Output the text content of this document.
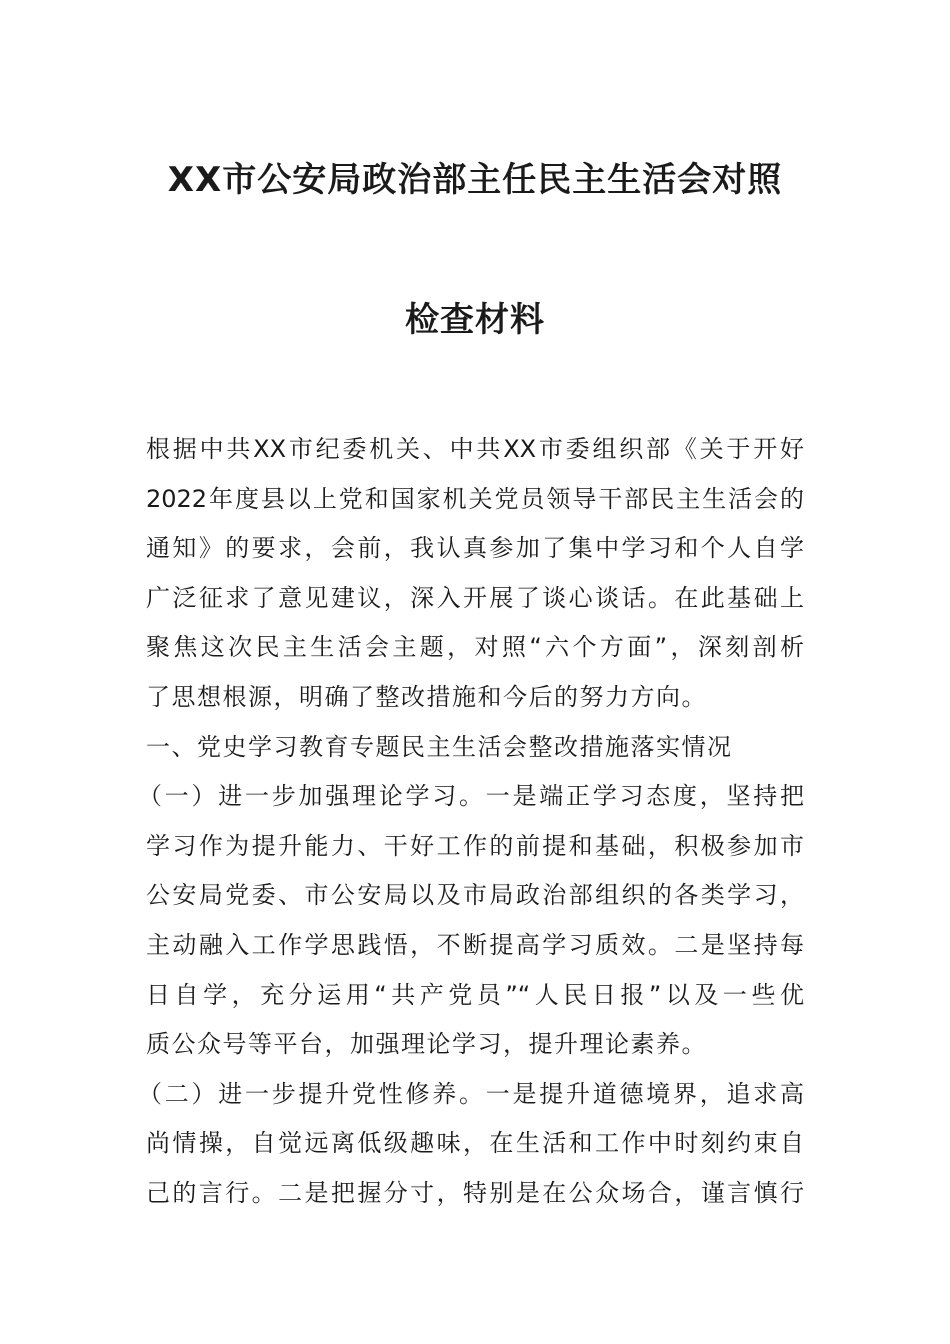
XX市公安局政治部主任民主生活会对照
检查材料
根据中共XX市纪委机关、中共XX市委组织部《关于开好
2022年度县以上党和国家机关党员领导干部民主生活会的
通知》的要求，会前，我认真参加了集中学习和个人自学
广泛征求了意见建议，深入开展了谈心谈话。在此基础上
聚焦这次民主生活会主题，对照“六个方面”，深刻剖析
了思想根源，明确了整改措施和今后的努力方向。
一、党史学习教育专题民主生活会整改措施落实情况
（一）进一步加强理论学习。一是端正学习态度，坚持把
学习作为提升能力、干好工作的前提和基础，积极参加市
公安局党委、市公安局以及市局政治部组织的各类学习，
主动融入工作学思践悟，不断提高学习质效。二是坚持每
日自学，充分运用“共产党员”“人民日报”以及一些优
质公众号等平台，加强理论学习，提升理论素养。
（二）进一步提升党性修养。一是提升道德境界，追求高
尚情操，自觉远离低级趣味，在生活和工作中时刻约束自
己的言行。二是把握分寸，特别是在公众场合，谨言慎行
